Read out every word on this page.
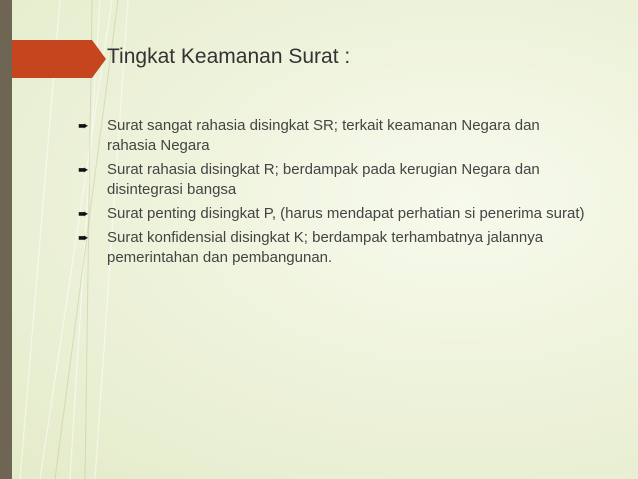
Tingkat Keamanan Surat :
➨ Surat sangat rahasia disingkat SR; terkait keamanan Negara dan rahasia Negara
➨ Surat rahasia disingkat R; berdampak pada kerugian Negara dan disintegrasi bangsa
➨ Surat penting disingkat P, (harus mendapat perhatian si penerima surat)
➨ Surat konfidensial disingkat K; berdampak terhambatnya jalannya pemerintahan dan pembangunan.
